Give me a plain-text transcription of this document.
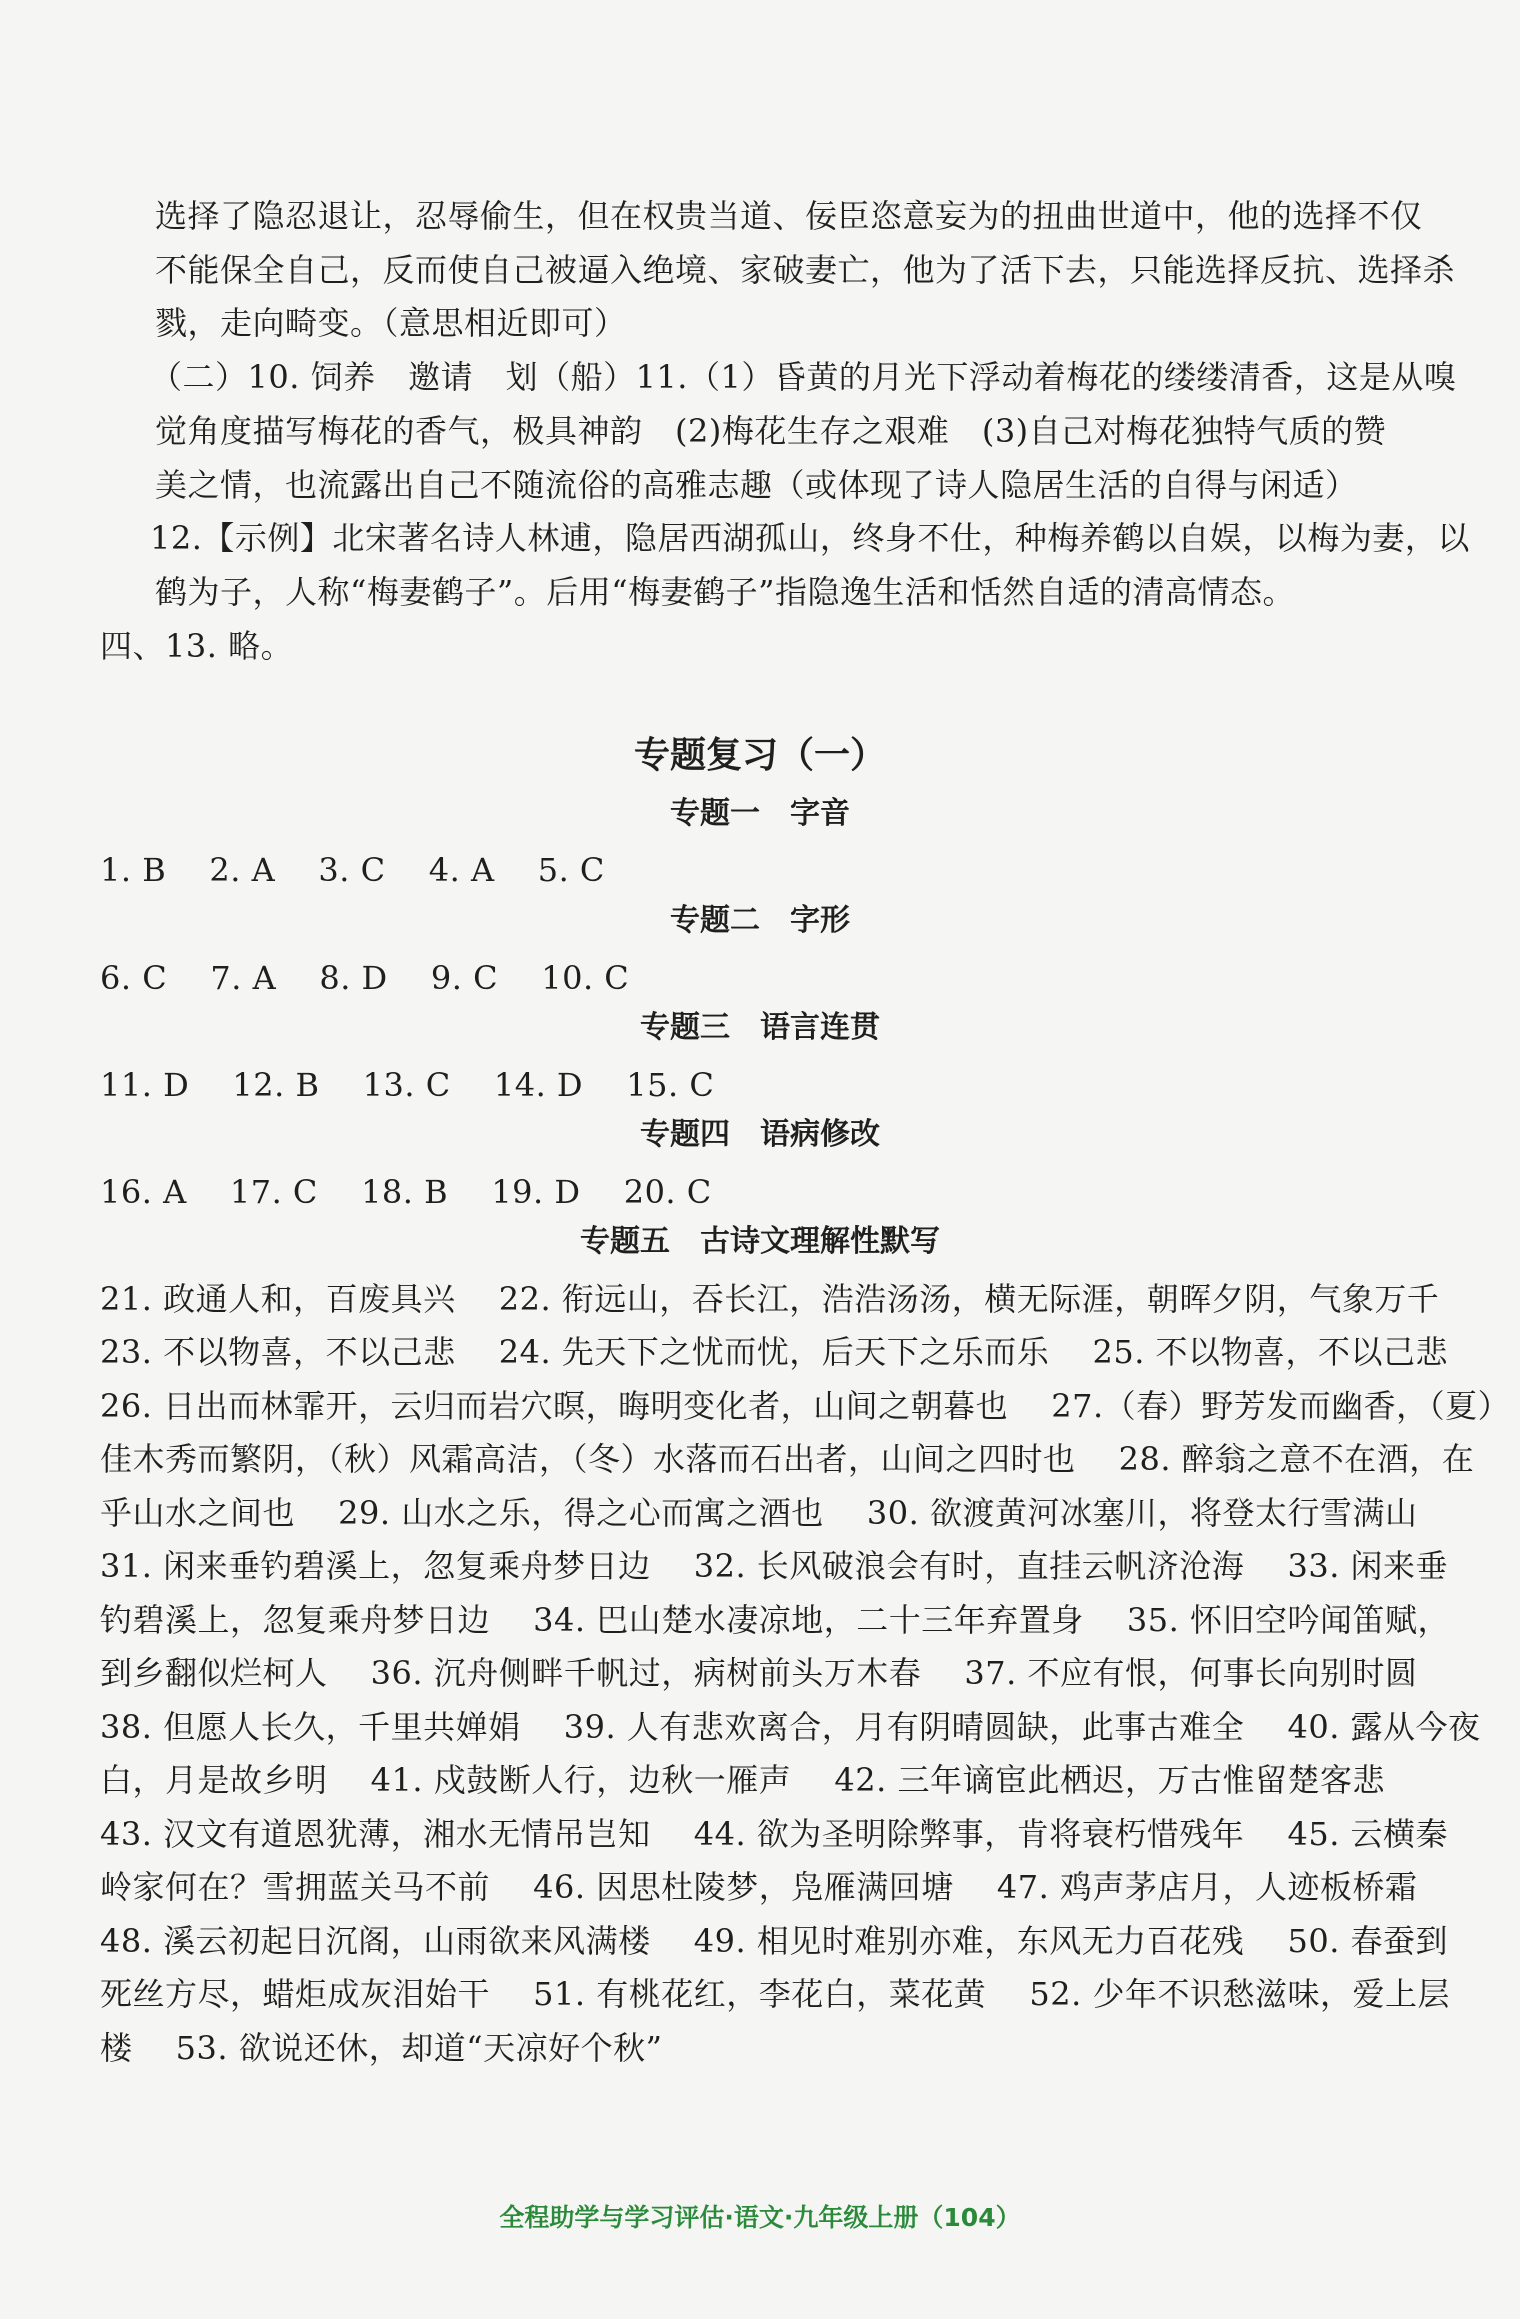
选择了隐忍退让，忍辱偷生，但在权贵当道、佞臣恣意妄为的扭曲世道中，他的选择不仅
不能保全自己，反而使自己被逼入绝境、家破妻亡，他为了活下去，只能选择反抗、选择杀
戮，走向畸变。（意思相近即可）
（二）10. 饲养　邀请　划（船）11.（1）昏黄的月光下浮动着梅花的缕缕清香，这是从嗅
觉角度描写梅花的香气，极具神韵　(2)梅花生存之艰难　(3)自己对梅花独特气质的赞
美之情，也流露出自己不随流俗的高雅志趣（或体现了诗人隐居生活的自得与闲适）
12.【示例】北宋著名诗人林逋，隐居西湖孤山，终身不仕，种梅养鹤以自娱，以梅为妻，以
鹤为子，人称“梅妻鹤子”。后用“梅妻鹤子”指隐逸生活和恬然自适的清高情态。
四、13. 略。
专题复习（一）
专题一　字音
1. B　 2. A　 3. C　 4. A　 5. C
专题二　字形
6. C　 7. A　 8. D　 9. C　 10. C
专题三　语言连贯
11. D　 12. B　 13. C　 14. D　 15. C
专题四　语病修改
16. A　 17. C　 18. B　 19. D　 20. C
专题五　古诗文理解性默写
21. 政通人和，百废具兴　 22. 衔远山，吞长江，浩浩汤汤，横无际涯，朝晖夕阴，气象万千
23. 不以物喜，不以己悲　 24. 先天下之忧而忧，后天下之乐而乐　 25. 不以物喜，不以己悲
26. 日出而林霏开，云归而岩穴暝，晦明变化者，山间之朝暮也　 27.（春）野芳发而幽香，（夏）
佳木秀而繁阴，（秋）风霜高洁，（冬）水落而石出者，山间之四时也　 28. 醉翁之意不在酒，在
乎山水之间也　 29. 山水之乐，得之心而寓之酒也　 30. 欲渡黄河冰塞川，将登太行雪满山
31. 闲来垂钓碧溪上，忽复乘舟梦日边　 32. 长风破浪会有时，直挂云帆济沧海　 33. 闲来垂
钓碧溪上，忽复乘舟梦日边　 34. 巴山楚水凄凉地，二十三年弃置身　 35. 怀旧空吟闻笛赋，
到乡翻似烂柯人　 36. 沉舟侧畔千帆过，病树前头万木春　 37. 不应有恨，何事长向别时圆
38. 但愿人长久，千里共婵娟　 39. 人有悲欢离合，月有阴晴圆缺，此事古难全　 40. 露从今夜
白，月是故乡明　 41. 戍鼓断人行，边秋一雁声　 42. 三年谪宦此栖迟，万古惟留楚客悲
43. 汉文有道恩犹薄，湘水无情吊岂知　 44. 欲为圣明除弊事，肯将衰朽惜残年　 45. 云横秦
岭家何在？雪拥蓝关马不前　 46. 因思杜陵梦，凫雁满回塘　 47. 鸡声茅店月，人迹板桥霜
48. 溪云初起日沉阁，山雨欲来风满楼　 49. 相见时难别亦难，东风无力百花残　 50. 春蚕到
死丝方尽，蜡炬成灰泪始干　 51. 有桃花红，李花白，菜花黄　 52. 少年不识愁滋味，爱上层
楼　 53. 欲说还休，却道“天凉好个秋”
全程助学与学习评估·语文·九年级上册（104）
